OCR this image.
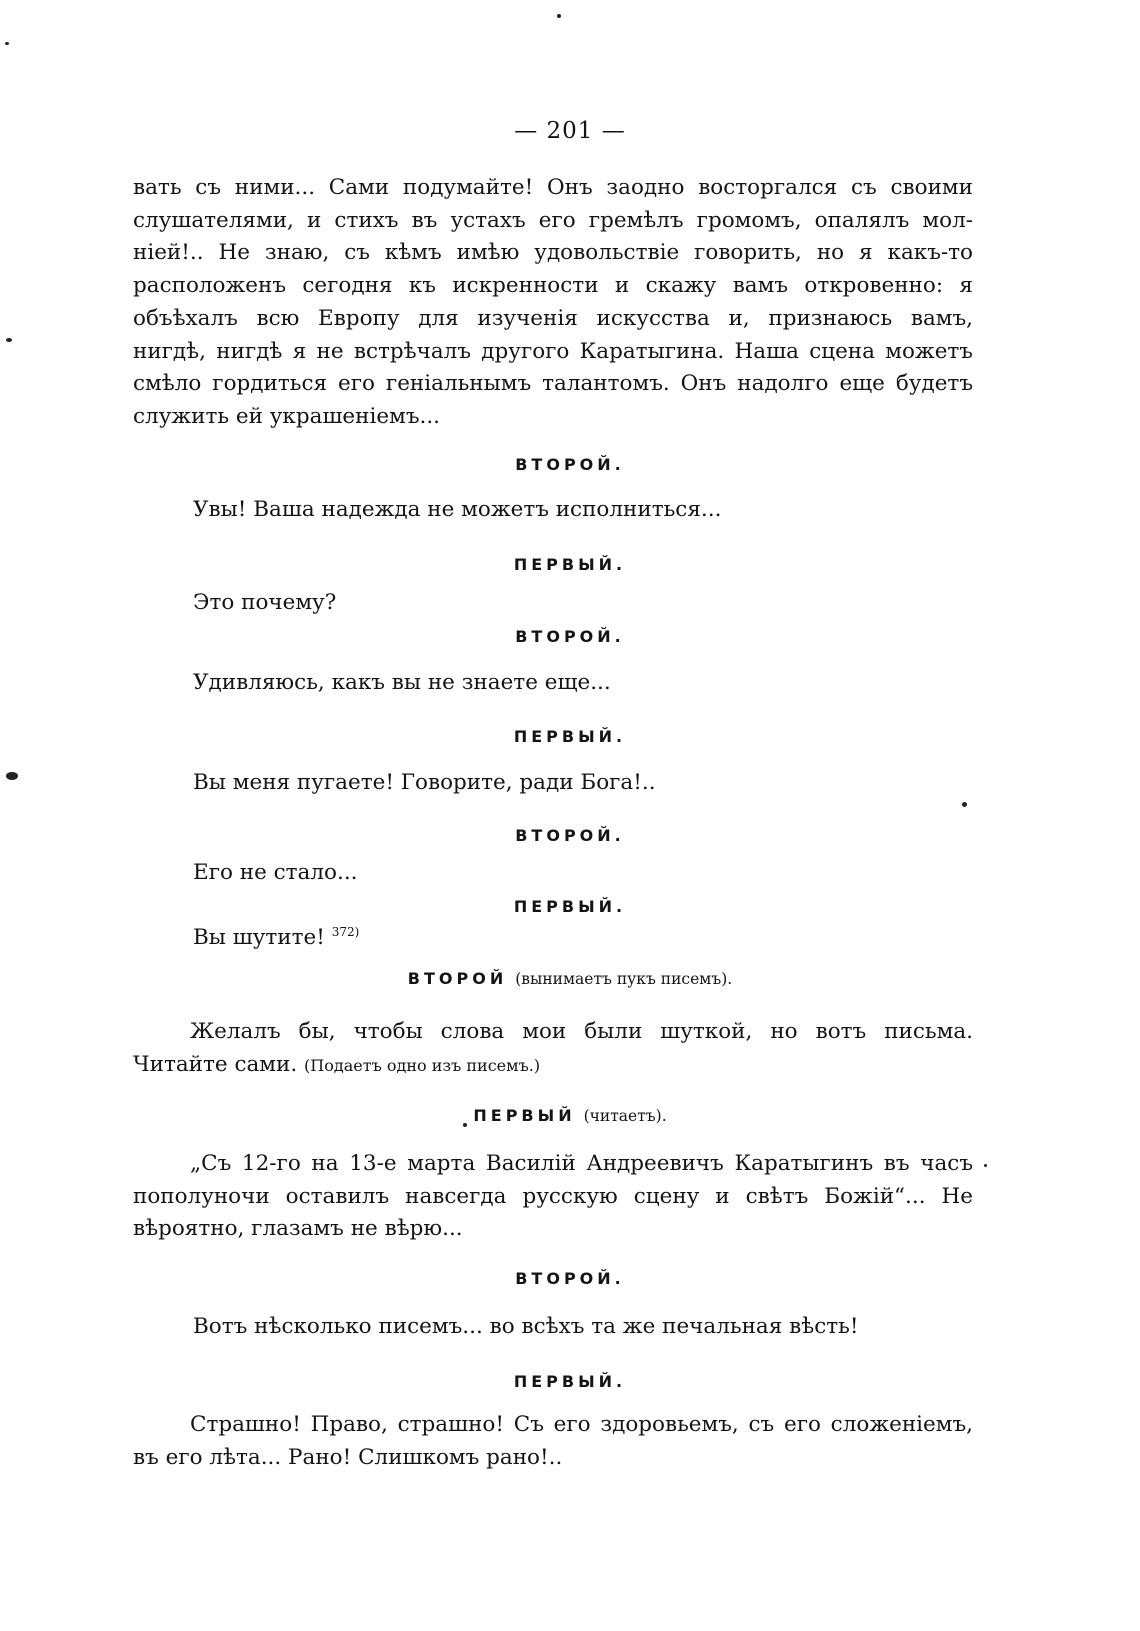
— 201 —
вать съ ними... Сами подумайте! Онъ заодно восторгался съ своими
слушателями, и стихъ въ устахъ его гремѣлъ громомъ, опалялъ мол-
нiей!.. Не знаю, съ кѣмъ имѣю удовольствiе говорить, но я какъ-то
расположенъ сегодня къ искренности и скажу вамъ откровенно: я
объѣхалъ всю Европу для изученiя искусства и, признаюсь вамъ,
нигдѣ, нигдѣ я не встрѣчалъ другого Каратыгина. Наша сцена можетъ
смѣло гордиться его генiальнымъ талантомъ. Онъ надолго еще будетъ
служить ей украшенiемъ...
ВТОРОЙ.
Увы! Ваша надежда не можетъ исполниться...
ПЕРВЫЙ.
Это почему?
ВТОРОЙ.
Удивляюсь, какъ вы не знаете еще...
ПЕРВЫЙ.
Вы меня пугаете! Говорите, ради Бога!..
ВТОРОЙ.
Его не стало...
ПЕРВЫЙ.
Вы шутите! $^{372)}$
ВТОРОЙ (вынимаетъ пукъ писемъ).
Желалъ бы, чтобы слова мои были шуткой, но вотъ письма.
Читайте сами. (Подаетъ одно изъ писемъ.)
ПЕРВЫЙ (читаетъ).
„Съ 12-го на 13-е марта Василiй Андреевичъ Каратыгинъ въ часъ
пополуночи оставилъ навсегда русскую сцену и свѣтъ Божiй“... Не
вѣроятно, глазамъ не вѣрю...
ВТОРОЙ.
Вотъ нѣсколько писемъ... во всѣхъ та же печальная вѣсть!
ПЕРВЫЙ.
Страшно! Право, страшно! Съ его здоровьемъ, съ его сложенiемъ,
въ его лѣта... Рано! Слишкомъ рано!..
